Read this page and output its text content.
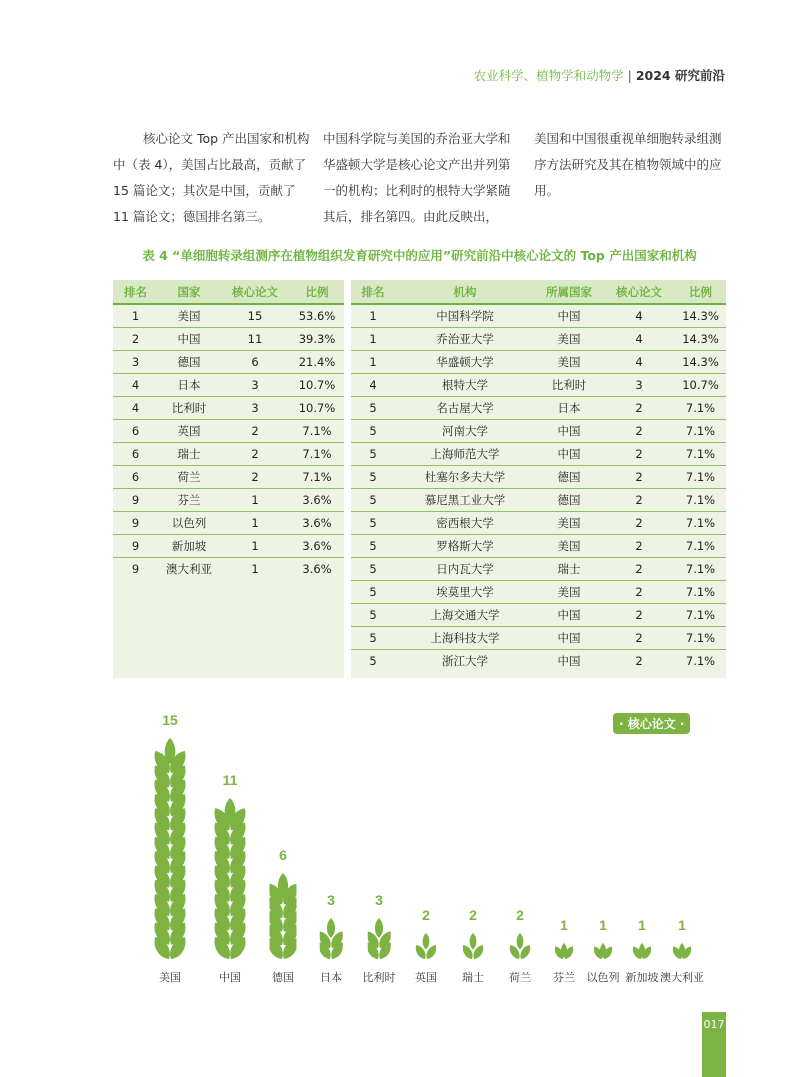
农业科学、植物学和动物学 | 2024 研究前沿
核心论文 Top 产出国家和机构中（表 4），美国占比最高，贡献了 15 篇论文；其次是中国，贡献了 11 篇论文；德国排名第三。
中国科学院与美国的乔治亚大学和华盛顿大学是核心论文产出并列第一的机构；比利时的根特大学紧随其后，排名第四。由此反映出，
美国和中国很重视单细胞转录组测序方法研究及其在植物领域中的应用。
表 4 “单细胞转录组测序在植物组织发育研究中的应用”研究前沿中核心论文的 Top 产出国家和机构
排名	国家	核心论文	比例
1	美国	15	53.6%
2	中国	11	39.3%
3	德国	6	21.4%
4	日本	3	10.7%
4	比利时	3	10.7%
6	英国	2	7.1%
6	瑞士	2	7.1%
6	荷兰	2	7.1%
9	芬兰	1	3.6%
9	以色列	1	3.6%
9	新加坡	1	3.6%
9	澳大利亚	1	3.6%
排名	机构	所属国家	核心论文	比例
1	中国科学院	中国	4	14.3%
1	乔治亚大学	美国	4	14.3%
1	华盛顿大学	美国	4	14.3%
4	根特大学	比利时	3	10.7%
5	名古屋大学	日本	2	7.1%
5	河南大学	中国	2	7.1%
5	上海师范大学	中国	2	7.1%
5	杜塞尔多夫大学	德国	2	7.1%
5	慕尼黑工业大学	德国	2	7.1%
5	密西根大学	美国	2	7.1%
5	罗格斯大学	美国	2	7.1%
5	日内瓦大学	瑞士	2	7.1%
5	埃莫里大学	美国	2	7.1%
5	上海交通大学	中国	2	7.1%
5	上海科技大学	中国	2	7.1%
5	浙江大学	中国	2	7.1%
· 核心论文 ·
15
美国
11
中国
6
德国
3
日本
3
比利时
2
英国
2
瑞士
2
荷兰
1
芬兰
1
以色列
1
新加坡
1
澳大利亚
017
